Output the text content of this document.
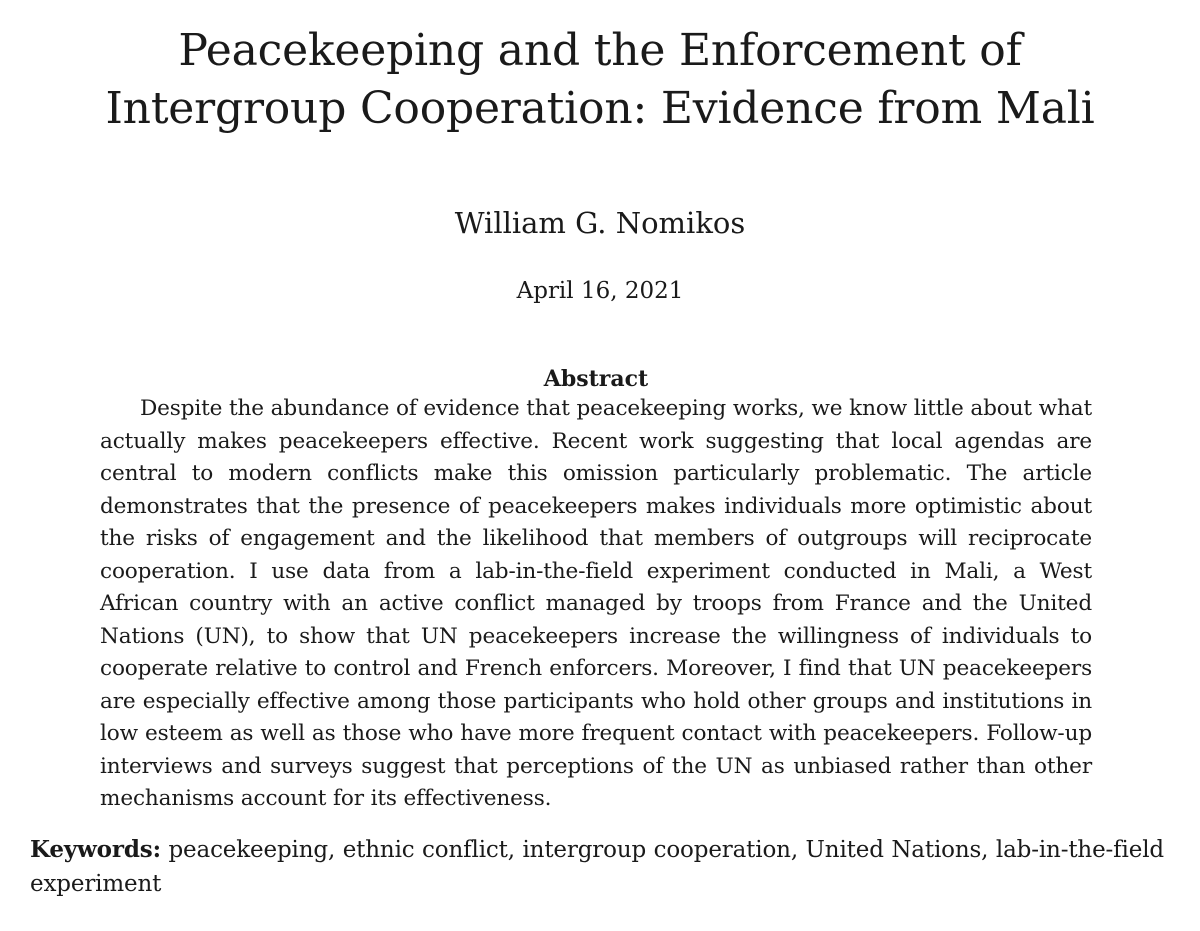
Peacekeeping and the Enforcement of Intergroup Cooperation: Evidence from Mali
William G. Nomikos
April 16, 2021
Abstract

Despite the abundance of evidence that peacekeeping works, we know little about what actually makes peacekeepers effective. Recent work suggesting that local agendas are central to modern conflicts make this omission particularly problematic. The article demonstrates that the presence of peacekeepers makes individuals more optimistic about the risks of engagement and the likelihood that members of outgroups will reciprocate cooperation. I use data from a lab-in-the-field experiment conducted in Mali, a West African country with an active conflict managed by troops from France and the United Nations (UN), to show that UN peacekeepers increase the willingness of individuals to cooperate relative to control and French enforcers. Moreover, I find that UN peacekeepers are especially effective among those participants who hold other groups and institutions in low esteem as well as those who have more frequent contact with peacekeepers. Follow-up interviews and surveys suggest that perceptions of the UN as unbiased rather than other mechanisms account for its effectiveness.

Keywords: peacekeeping, ethnic conflict, intergroup cooperation, United Nations, lab-in-the-field experiment
